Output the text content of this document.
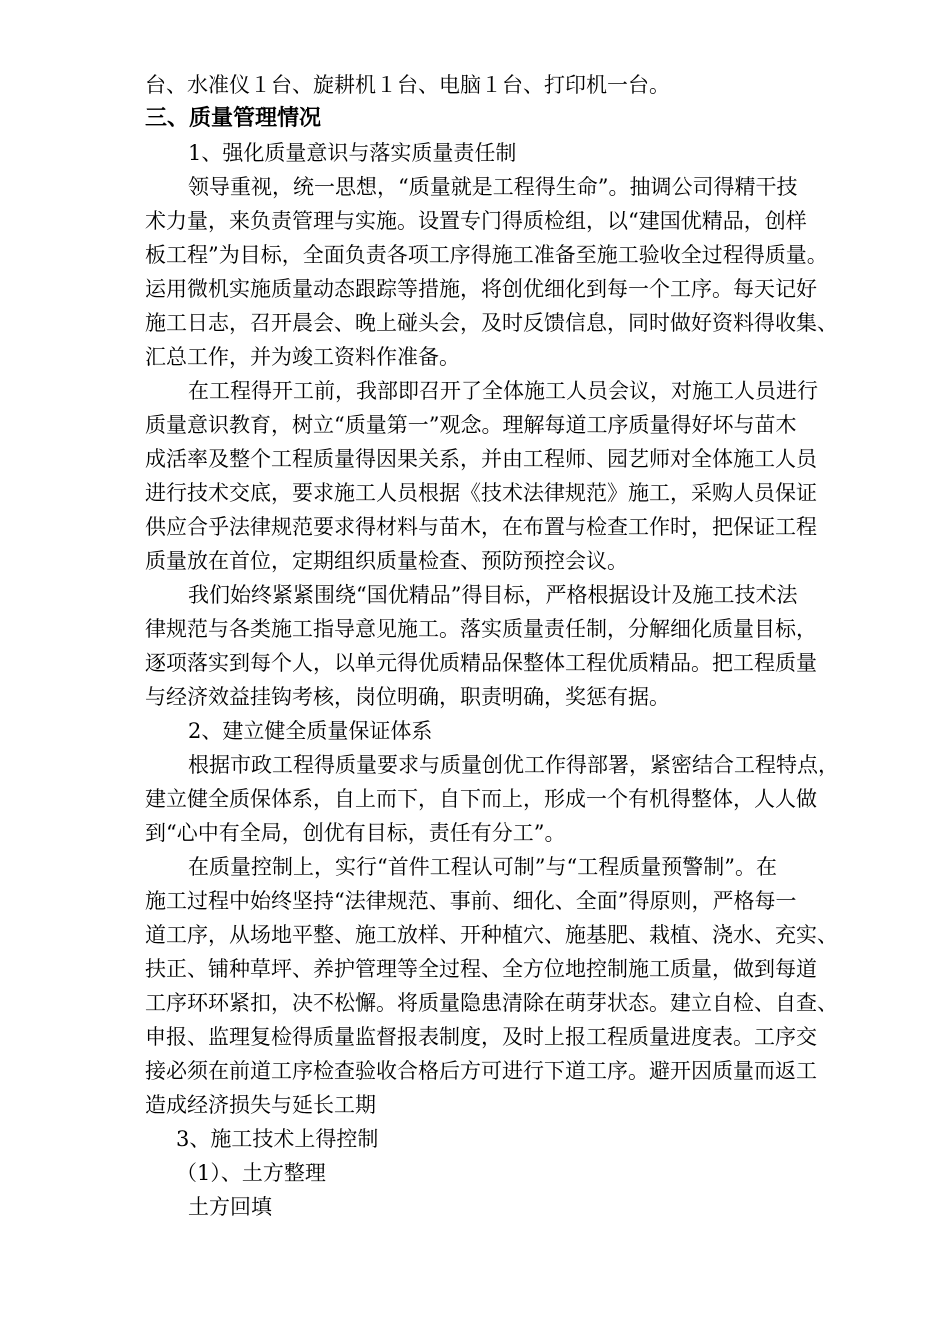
台、水准仪１台、旋耕机１台、电脑１台、打印机一台。
三、质量管理情况
1、强化质量意识与落实质量责任制
领导重视，统一思想，“质量就是工程得生命”。抽调公司得精干技
术力量，来负责管理与实施。设置专门得质检组，以“建国优精品，创样
板工程”为目标，全面负责各项工序得施工准备至施工验收全过程得质量。
运用微机实施质量动态跟踪等措施，将创优细化到每一个工序。每天记好
施工日志，召开晨会、晚上碰头会，及时反馈信息，同时做好资料得收集、
汇总工作，并为竣工资料作准备。
在工程得开工前，我部即召开了全体施工人员会议，对施工人员进行
质量意识教育，树立“质量第一”观念。理解每道工序质量得好坏与苗木
成活率及整个工程质量得因果关系，并由工程师、园艺师对全体施工人员
进行技术交底，要求施工人员根据《技术法律规范》施工，采购人员保证
供应合乎法律规范要求得材料与苗木，在布置与检查工作时，把保证工程
质量放在首位，定期组织质量检查、预防预控会议。
我们始终紧紧围绕“国优精品”得目标，严格根据设计及施工技术法
律规范与各类施工指导意见施工。落实质量责任制，分解细化质量目标，
逐项落实到每个人，以单元得优质精品保整体工程优质精品。把工程质量
与经济效益挂钩考核，岗位明确，职责明确，奖惩有据。
2、建立健全质量保证体系
根据市政工程得质量要求与质量创优工作得部署，紧密结合工程特点，
建立健全质保体系，自上而下，自下而上，形成一个有机得整体，人人做
到“心中有全局，创优有目标，责任有分工”。
在质量控制上，实行“首件工程认可制”与“工程质量预警制”。在
施工过程中始终坚持“法律规范、事前、细化、全面”得原则，严格每一
道工序，从场地平整、施工放样、开种植穴、施基肥、栽植、浇水、充实、
扶正、铺种草坪、养护管理等全过程、全方位地控制施工质量，做到每道
工序环环紧扣，决不松懈。将质量隐患清除在萌芽状态。建立自检、自查、
申报、监理复检得质量监督报表制度，及时上报工程质量进度表。工序交
接必须在前道工序检查验收合格后方可进行下道工序。避开因质量而返工
造成经济损失与延长工期
3、施工技术上得控制
（1）、土方整理
土方回填
